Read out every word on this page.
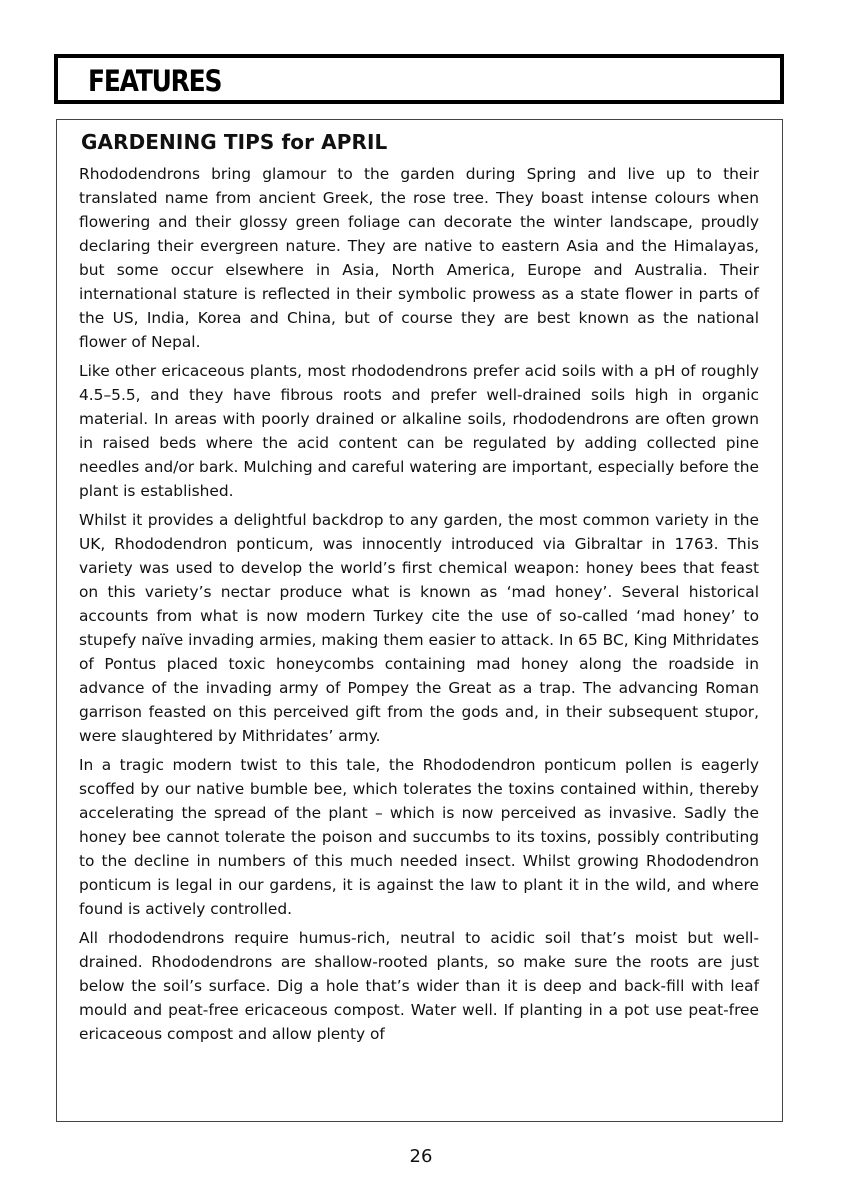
FEATURES
GARDENING TIPS for APRIL

Rhododendrons bring glamour to the garden during Spring and live up to their translated name from ancient Greek, the rose tree. They boast intense colours when flowering and their glossy green foliage can decorate the winter landscape, proudly declaring their evergreen nature. They are native to eastern Asia and the Himalayas, but some occur elsewhere in Asia, North America, Europe and Australia. Their international stature is reflected in their symbolic prowess as a state flower in parts of the US, India, Korea and China, but of course they are best known as the national flower of Nepal.

Like other ericaceous plants, most rhododendrons prefer acid soils with a pH of roughly 4.5–5.5, and they have fibrous roots and prefer well-drained soils high in organic material. In areas with poorly drained or alkaline soils, rhododendrons are often grown in raised beds where the acid content can be regulated by adding collected pine needles and/or bark. Mulching and careful watering are important, especially before the plant is established.

Whilst it provides a delightful backdrop to any garden, the most common variety in the UK, Rhododendron ponticum, was innocently introduced via Gibraltar in 1763. This variety was used to develop the world’s first chemical weapon: honey bees that feast on this variety’s nectar produce what is known as ‘mad honey’. Several historical accounts from what is now modern Turkey cite the use of so-called ‘mad honey’ to stupefy naïve invading armies, making them easier to attack. In 65 BC, King Mithridates of Pontus placed toxic honeycombs containing mad honey along the roadside in advance of the invading army of Pompey the Great as a trap. The advancing Roman garrison feasted on this perceived gift from the gods and, in their subsequent stupor, were slaughtered by Mithridates’ army.

In a tragic modern twist to this tale, the Rhododendron ponticum pollen is eagerly scoffed by our native bumble bee, which tolerates the toxins contained within, thereby accelerating the spread of the plant – which is now perceived as invasive. Sadly the honey bee cannot tolerate the poison and succumbs to its toxins, possibly contributing to the decline in numbers of this much needed insect. Whilst growing Rhododendron ponticum is legal in our gardens, it is against the law to plant it in the wild, and where found is actively controlled.

All rhododendrons require humus-rich, neutral to acidic soil that’s moist but well-drained. Rhododendrons are shallow-rooted plants, so make sure the roots are just below the soil’s surface. Dig a hole that’s wider than it is deep and back-fill with leaf mould and peat-free ericaceous compost. Water well. If planting in a pot use peat-free ericaceous compost and allow plenty of

26
